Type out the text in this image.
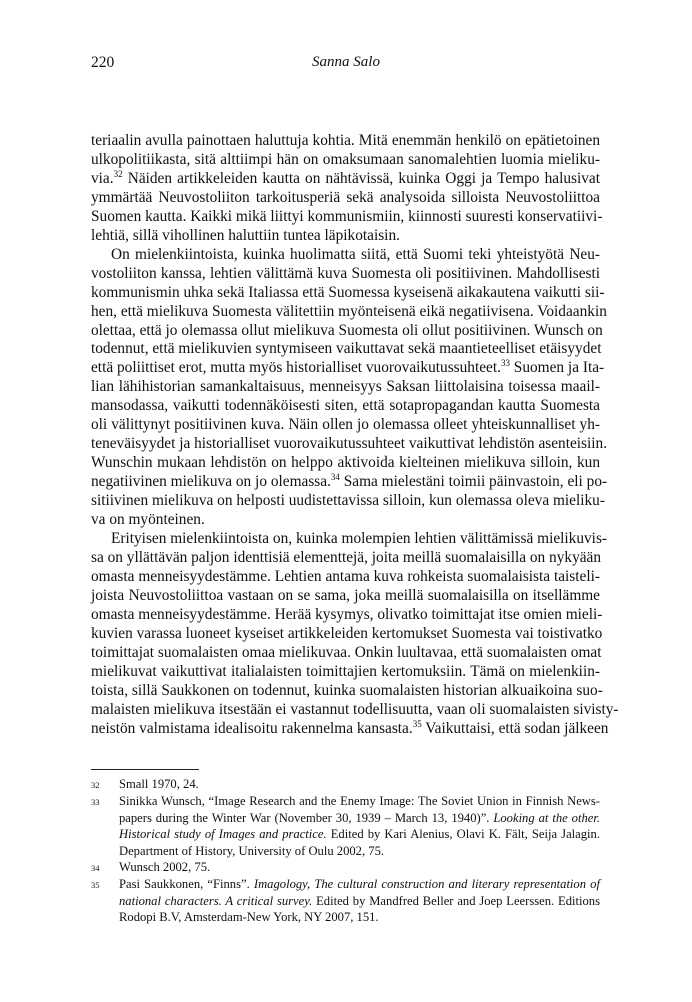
220	Sanna Salo
teriaalin avulla painottaen haluttuja kohtia. Mitä enemmän henkilö on epätietoinen
ulkopolitiikasta, sitä alttiimpi hän on omaksumaan sanomalehtien luomia mieliku-
via.$^{32}$ Näiden artikkeleiden kautta on nähtävissä, kuinka Oggi ja Tempo halusivat
ymmärtää Neuvostoliiton tarkoitusperiä sekä analysoida silloista Neuvostoliittoa
Suomen kautta. Kaikki mikä liittyi kommunismiin, kiinnosti suuresti konservatiivi-
lehtiä, sillä vihollinen haluttiin tuntea läpikotaisin.
On mielenkiintoista, kuinka huolimatta siitä, että Suomi teki yhteistyötä Neu-
vostoliiton kanssa, lehtien välittämä kuva Suomesta oli positiivinen. Mahdollisesti
kommunismin uhka sekä Italiassa että Suomessa kyseisenä aikakautena vaikutti sii-
hen, että mielikuva Suomesta välitettiin myönteisenä eikä negatiivisena. Voidaankin
olettaa, että jo olemassa ollut mielikuva Suomesta oli ollut positiivinen. Wunsch on
todennut, että mielikuvien syntymiseen vaikuttavat sekä maantieteelliset etäisyydet
että poliittiset erot, mutta myös historialliset vuorovaikutussuhteet.$^{33}$ Suomen ja Ita-
lian lähihistorian samankaltaisuus, menneisyys Saksan liittolaisina toisessa maail-
mansodassa, vaikutti todennäköisesti siten, että sotapropagandan kautta Suomesta
oli välittynyt positiivinen kuva. Näin ollen jo olemassa olleet yhteiskunnalliset yh-
teneväisyydet ja historialliset vuorovaikutussuhteet vaikuttivat lehdistön asenteisiin.
Wunschin mukaan lehdistön on helppo aktivoida kielteinen mielikuva silloin, kun
negatiivinen mielikuva on jo olemassa.$^{34}$ Sama mielestäni toimii päinvastoin, eli po-
sitiivinen mielikuva on helposti uudistettavissa silloin, kun olemassa oleva mieliku-
va on myönteinen.
Erityisen mielenkiintoista on, kuinka molempien lehtien välittämissä mielikuvis-
sa on yllättävän paljon identtisiä elementtejä, joita meillä suomalaisilla on nykyään
omasta menneisyydestämme. Lehtien antama kuva rohkeista suomalaisista taisteli-
joista Neuvostoliittoa vastaan on se sama, joka meillä suomalaisilla on itsellämme
omasta menneisyydestämme. Herää kysymys, olivatko toimittajat itse omien mieli-
kuvien varassa luoneet kyseiset artikkeleiden kertomukset Suomesta vai toistivatko
toimittajat suomalaisten omaa mielikuvaa. Onkin luultavaa, että suomalaisten omat
mielikuvat vaikuttivat italialaisten toimittajien kertomuksiin. Tämä on mielenkiin-
toista, sillä Saukkonen on todennut, kuinka suomalaisten historian alkuaikoina suo-
malaisten mielikuva itsestään ei vastannut todellisuutta, vaan oli suomalaisten sivisty-
neistön valmistama idealisoitu rakennelma kansasta.$^{35}$ Vaikuttaisi, että sodan jälkeen
32	Small 1970, 24.
33	Sinikka Wunsch, “Image Research and the Enemy Image: The Soviet Union in Finnish News-
papers during the Winter War (November 30, 1939 – March 13, 1940)”. Looking at the other.
Historical study of Images and practice. Edited by Kari Alenius, Olavi K. Fält, Seija Jalagin.
Department of History, University of Oulu 2002, 75.
34	Wunsch 2002, 75.
35	Pasi Saukkonen, “Finns”. Imagology, The cultural construction and literary representation of
national characters. A critical survey. Edited by Mandfred Beller and Joep Leerssen. Editions
Rodopi B.V, Amsterdam-New York, NY 2007, 151.
